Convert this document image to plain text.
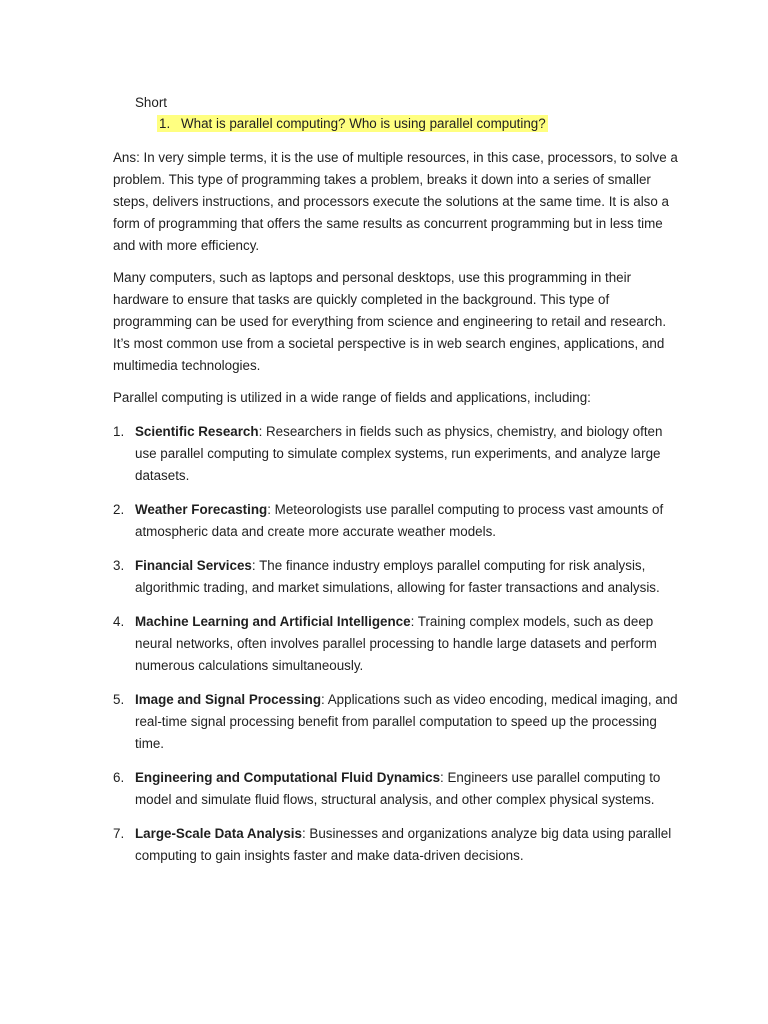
Short
1. What is parallel computing? Who is using parallel computing?

Ans: In very simple terms, it is the use of multiple resources, in this case, processors, to solve a problem. This type of programming takes a problem, breaks it down into a series of smaller steps, delivers instructions, and processors execute the solutions at the same time. It is also a form of programming that offers the same results as concurrent programming but in less time and with more efficiency.

Many computers, such as laptops and personal desktops, use this programming in their hardware to ensure that tasks are quickly completed in the background. This type of programming can be used for everything from science and engineering to retail and research. It’s most common use from a societal perspective is in web search engines, applications, and multimedia technologies.

Parallel computing is utilized in a wide range of fields and applications, including:

1. Scientific Research: Researchers in fields such as physics, chemistry, and biology often use parallel computing to simulate complex systems, run experiments, and analyze large datasets.
2. Weather Forecasting: Meteorologists use parallel computing to process vast amounts of atmospheric data and create more accurate weather models.
3. Financial Services: The finance industry employs parallel computing for risk analysis, algorithmic trading, and market simulations, allowing for faster transactions and analysis.
4. Machine Learning and Artificial Intelligence: Training complex models, such as deep neural networks, often involves parallel processing to handle large datasets and perform numerous calculations simultaneously.
5. Image and Signal Processing: Applications such as video encoding, medical imaging, and real-time signal processing benefit from parallel computation to speed up the processing time.
6. Engineering and Computational Fluid Dynamics: Engineers use parallel computing to model and simulate fluid flows, structural analysis, and other complex physical systems.
7. Large-Scale Data Analysis: Businesses and organizations analyze big data using parallel computing to gain insights faster and make data-driven decisions.
